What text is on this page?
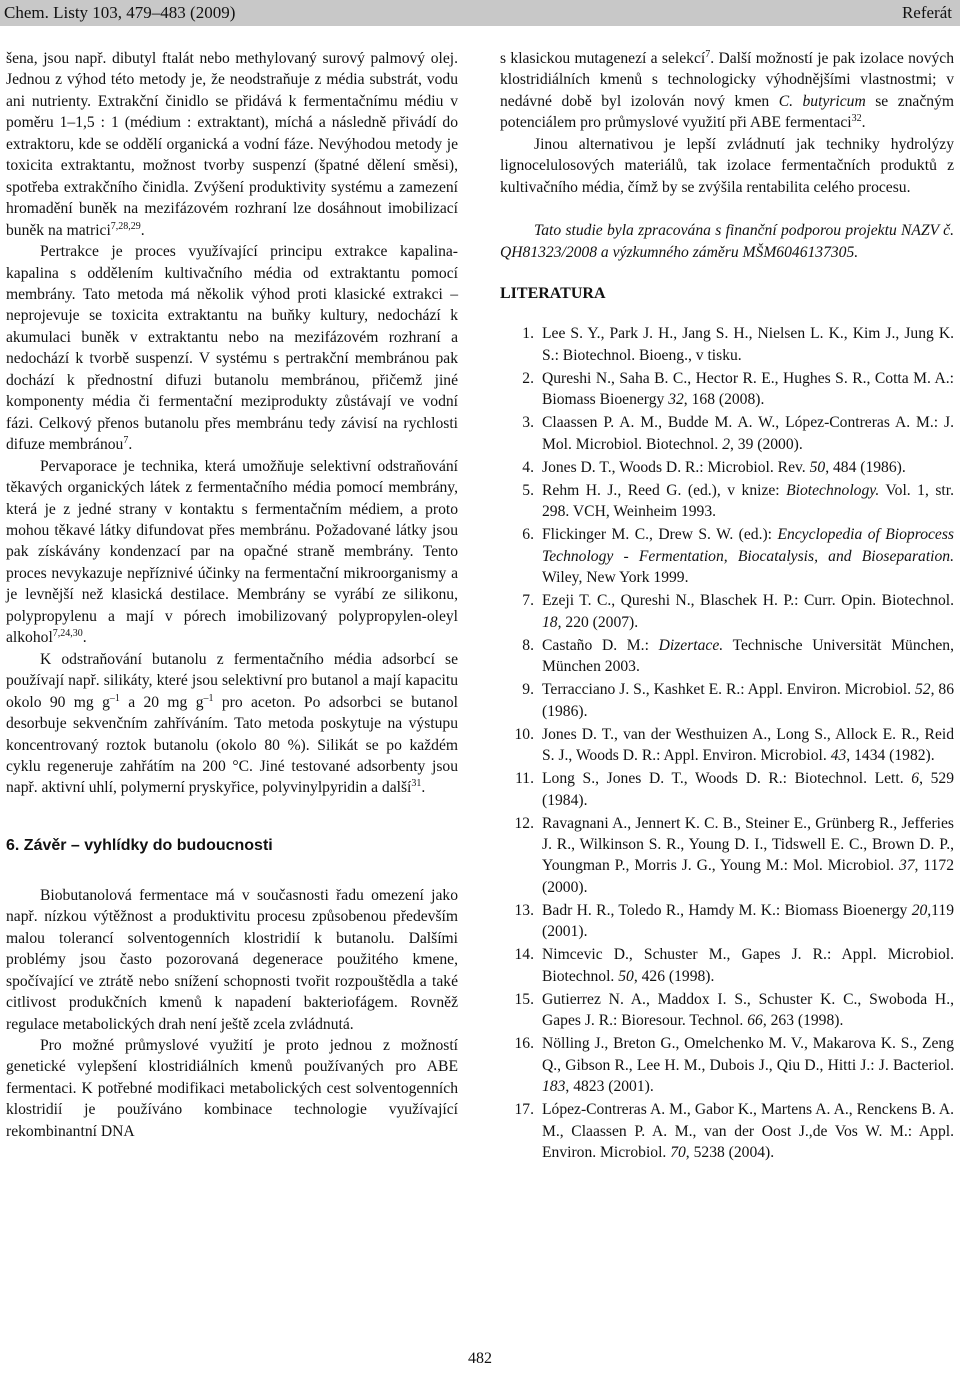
Chem. Listy 103, 479–483 (2009)	Referát

šena, jsou např. dibutyl ftalát nebo methylovaný surový palmový olej. Jednou z výhod této metody je, že neodstraňuje z média substrát, vodu ani nutrienty. Extrakční činidlo se přidává k fermentačnímu médiu v poměru 1–1,5 : 1 (médium : extraktant), míchá a následně přivádí do extraktoru, kde se oddělí organická a vodní fáze. Nevýhodou metody je toxicita extraktantu, možnost tvorby suspenzí (špatné dělení směsi), spotřeba extrakčního činidla. Zvýšení produktivity systému a zamezení hromadění buněk na mezifázovém rozhraní lze dosáhnout imobilizací buněk na matrici$^{7,28,29}$.

Pertrakce je proces využívající principu extrakce kapalina-kapalina s oddělením kultivačního média od extraktantu pomocí membrány. Tato metoda má několik výhod proti klasické extrakci – neprojevuje se toxicita extraktantu na buňky kultury, nedochází k akumulaci buněk v extraktantu nebo na mezifázovém rozhraní a nedochází k tvorbě suspenzí. V systému s pertrakční membránou pak dochází k přednostní difuzi butanolu membránou, přičemž jiné komponenty média či fermentační meziprodukty zůstávají ve vodní fázi. Celkový přenos butanolu přes membránu tedy závisí na rychlosti difuze membránou$^7$.

Pervaporace je technika, která umožňuje selektivní odstraňování těkavých organických látek z fermentačního média pomocí membrány, která je z jedné strany v kontaktu s fermentačním médiem, a proto mohou těkavé látky difundovat přes membránu. Požadované látky jsou pak získávány kondenzací par na opačné straně membrány. Tento proces nevykazuje nepříznivé účinky na fermentační mikroorganismy a je levnější než klasická destilace. Membrány se vyrábí ze silikonu, polypropylenu a mají v pórech imobilizovaný polypropylen-oleyl alkohol$^{7,24,30}$.

K odstraňování butanolu z fermentačního média adsorbcí se používají např. silikáty, které jsou selektivní pro butanol a mají kapacitu okolo 90 mg $g^{-1}$ a 20 mg $g^{-1}$ pro aceton. Po adsorbci se butanol desorbuje sekvenčním zahříváním. Tato metoda poskytuje na výstupu koncentrovaný roztok butanolu (okolo 80 %). Silikát se po každém cyklu regeneruje zahřátím na 200 °C. Jiné testované adsorbenty jsou např. aktivní uhlí, polymerní pryskyřice, polyvinylpyridin a další$^{31}$.

6. Závěr – vyhlídky do budoucnosti

Biobutanolová fermentace má v současnosti řadu omezení jako např. nízkou výtěžnost a produktivitu procesu způsobenou především malou tolerancí solventogenních klostridií k butanolu. Dalšími problémy jsou často pozorovaná degenerace použitého kmene, spočívající ve ztrátě nebo snížení schopnosti tvořit rozpouštědla a také citlivost produkčních kmenů k napadení bakteriofágem. Rovněž regulace metabolických drah není ještě zcela zvládnutá.

Pro možné průmyslové využití je proto jednou z možností genetické vylepšení klostridiálních kmenů používaných pro ABE fermentaci. K potřebné modifikaci metabolických cest solventogenních klostridií je používáno kombinace technologie využívající rekombinantní DNA

s klasickou mutagenezí a selekcí$^7$. Další možností je pak izolace nových klostridiálních kmenů s technologicky výhodnějšími vlastnostmi; v nedávné době byl izolován nový kmen C. butyricum se značným potenciálem pro průmyslové využití při ABE fermentaci$^{32}$.

Jinou alternativou je lepší zvládnutí jak techniky hydrolýzy lignocelulosových materiálů, tak izolace fermentačních produktů z kultivačního média, čímž by se zvýšila rentabilita celého procesu.

Tato studie byla zpracována s finanční podporou projektu NAZV č. QH81323/2008 a výzkumného záměru MŠM6046137305.

LITERATURA
1. Lee S. Y., Park J. H., Jang S. H., Nielsen L. K., Kim J., Jung K. S.: Biotechnol. Bioeng., v tisku.
2. Qureshi N., Saha B. C., Hector R. E., Hughes S. R., Cotta M. A.: Biomass Bioenergy 32, 168 (2008).
3. Claassen P. A. M., Budde M. A. W., López-Contreras A. M.: J. Mol. Microbiol. Biotechnol. 2, 39 (2000).
4. Jones D. T., Woods D. R.: Microbiol. Rev. 50, 484 (1986).
5. Rehm H. J., Reed G. (ed.), v knize: Biotechnology. Vol. 1, str. 298. VCH, Weinheim 1993.
6. Flickinger M. C., Drew S. W. (ed.): Encyclopedia of Bioprocess Technology - Fermentation, Biocatalysis, and Bioseparation. Wiley, New York 1999.
7. Ezeji T. C., Qureshi N., Blaschek H. P.: Curr. Opin. Biotechnol. 18, 220 (2007).
8. Castaño D. M.: Dizertace. Technische Universität München, München 2003.
9. Terracciano J. S., Kashket E. R.: Appl. Environ. Microbiol. 52, 86 (1986).
10. Jones D. T., van der Westhuizen A., Long S., Allock E. R., Reid S. J., Woods D. R.: Appl. Environ. Microbiol. 43, 1434 (1982).
11. Long S., Jones D. T., Woods D. R.: Biotechnol. Lett. 6, 529 (1984).
12. Ravagnani A., Jennert K. C. B., Steiner E., Grünberg R., Jefferies J. R., Wilkinson S. R., Young D. I., Tidswell E. C., Brown D. P., Youngman P., Morris J. G., Young M.: Mol. Microbiol. 37, 1172 (2000).
13. Badr H. R., Toledo R., Hamdy M. K.: Biomass Bioenergy 20,119 (2001).
14. Nimcevic D., Schuster M., Gapes J. R.: Appl. Microbiol. Biotechnol. 50, 426 (1998).
15. Gutierrez N. A., Maddox I. S., Schuster K. C., Swoboda H., Gapes J. R.: Bioresour. Technol. 66, 263 (1998).
16. Nölling J., Breton G., Omelchenko M. V., Makarova K. S., Zeng Q., Gibson R., Lee H. M., Dubois J., Qiu D., Hitti J.: J. Bacteriol. 183, 4823 (2001).
17. López-Contreras A. M., Gabor K., Martens A. A., Renckens B. A. M., Claassen P. A. M., van der Oost J.,de Vos W. M.: Appl. Environ. Microbiol. 70, 5238 (2004).
482
